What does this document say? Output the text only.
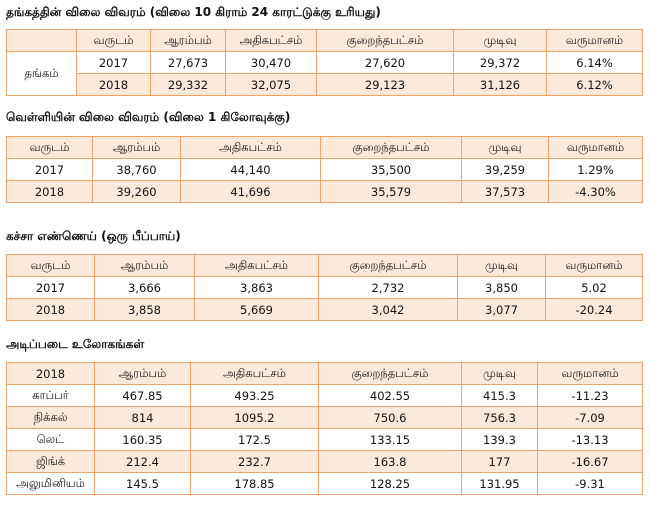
தங்கத்தின் விலை விவரம் (விலை 10 கிராம் 24 காரட்டுக்கு உரியது)
	வருடம்	ஆரம்பம்	அதிகபட்சம்	குறைந்தபட்சம்	முடிவு	வருமானம்
தங்கம்	2017	27,673	30,470	27,620	29,372	6.14%
	2018	29,332	32,075	29,123	31,126	6.12%
வெள்ளியின் விலை விவரம் (விலை 1 கிலோவுக்கு)
வருடம்	ஆரம்பம்	அதிகபட்சம்	குறைந்தபட்சம்	முடிவு	வருமானம்
2017	38,760	44,140	35,500	39,259	1.29%
2018	39,260	41,696	35,579	37,573	-4.30%
கச்சா எண்ணெய் (ஒரு பீப்பாய்)
வருடம்	ஆரம்பம்	அதிகபட்சம்	குறைந்தபட்சம்	முடிவு	வருமானம்
2017	3,666	3,863	2,732	3,850	5.02
2018	3,858	5,669	3,042	3,077	-20.24
அடிப்படை உலோகங்கள்
2018	ஆரம்பம்	அதிகபட்சம்	குறைந்தபட்சம்	முடிவு	வருமானம்
காப்பர்	467.85	493.25	402.55	415.3	-11.23
நிக்கல்	814	1095.2	750.6	756.3	-7.09
லெட்	160.35	172.5	133.15	139.3	-13.13
ஜிங்க்	212.4	232.7	163.8	177	-16.67
அலுமினியம்	145.5	178.85	128.25	131.95	-9.31
